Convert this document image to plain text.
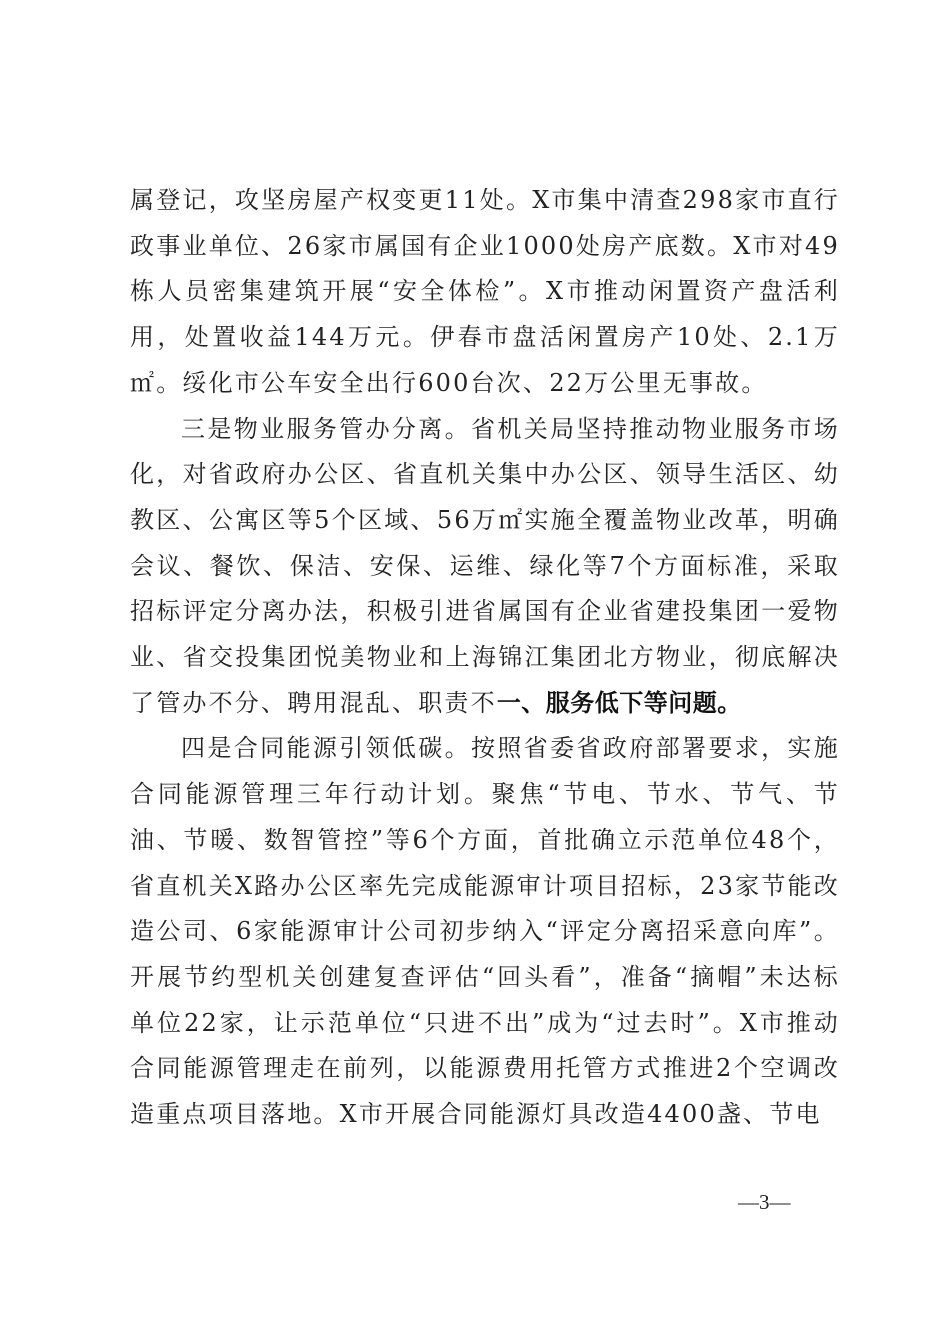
属登记，攻坚房屋产权变更11处。X市集中清查298家市直行政事业单位、26家市属国有企业1000处房产底数。X市对49栋人员密集建筑开展“安全体检”。X市推动闲置资产盘活利用，处置收益144万元。伊春市盘活闲置房产10处、2.1万㎡。绥化市公车安全出行600台次、22万公里无事故。

三是物业服务管办分离。省机关局坚持推动物业服务市场化，对省政府办公区、省直机关集中办公区、领导生活区、幼教区、公寓区等5个区域、56万㎡实施全覆盖物业改革，明确会议、餐饮、保洁、安保、运维、绿化等7个方面标准，采取招标评定分离办法，积极引进省属国有企业省建投集团一爱物业、省交投集团悦美物业和上海锦江集团北方物业，彻底解决了管办不分、聘用混乱、职责不一、服务低下等问题。

四是合同能源引领低碳。按照省委省政府部署要求，实施合同能源管理三年行动计划。聚焦“节电、节水、节气、节油、节暖、数智管控”等6个方面，首批确立示范单位48个，省直机关X路办公区率先完成能源审计项目招标，23家节能改造公司、6家能源审计公司初步纳入“评定分离招采意向库”。开展节约型机关创建复查评估“回头看”，准备“摘帽”未达标单位22家，让示范单位“只进不出”成为“过去时”。X市推动合同能源管理走在前列，以能源费用托管方式推进2个空调改造重点项目落地。X市开展合同能源灯具改造4400盏、节电

—3—
